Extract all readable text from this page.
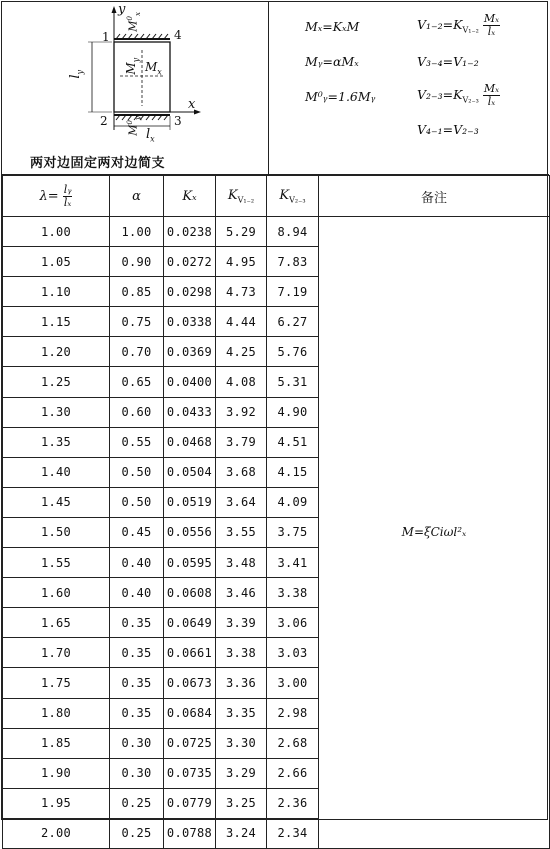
y
x
1	4
2	3
$l_y$
$l_x$
$M_x$
$M_y$
$M^0_x$
$M^0_y$
两对边固定两对边简支
Mₓ=KₓM
Mᵧ=αMₓ
M⁰ᵧ=1.6Mᵧ
$V_{1-2}=K_{V_{1-2}} \frac{\text{Mₓ}}{\text{lₓ}}$
V₃₋₄=V₁₋₂
$V_{2-3}=K_{V_{2-3}} \frac{\text{Mₓ}}{\text{lₓ}}$
V₄₋₁=V₂₋₃
$\lambda= \frac{\text{lᵧ}}{\text{lₓ}}$	α	Kₓ	$K_{V_{1-2}}$	$K_{V_{2-3}}$	备注
1.00	1.00	0.0238	5.29	8.94	M=ξCiωl²ₓ
1.05	0.90	0.0272	4.95	7.83	
1.10	0.85	0.0298	4.73	7.19	
1.15	0.75	0.0338	4.44	6.27	
1.20	0.70	0.0369	4.25	5.76	
1.25	0.65	0.0400	4.08	5.31	
1.30	0.60	0.0433	3.92	4.90	
1.35	0.55	0.0468	3.79	4.51	
1.40	0.50	0.0504	3.68	4.15	
1.45	0.50	0.0519	3.64	4.09	
1.50	0.45	0.0556	3.55	3.75	
1.55	0.40	0.0595	3.48	3.41	
1.60	0.40	0.0608	3.46	3.38	
1.65	0.35	0.0649	3.39	3.06	
1.70	0.35	0.0661	3.38	3.03	
1.75	0.35	0.0673	3.36	3.00	
1.80	0.35	0.0684	3.35	2.98	
1.85	0.30	0.0725	3.30	2.68	
1.90	0.30	0.0735	3.29	2.66	
1.95	0.25	0.0779	3.25	2.36	
2.00	0.25	0.0788	3.24	2.34	
